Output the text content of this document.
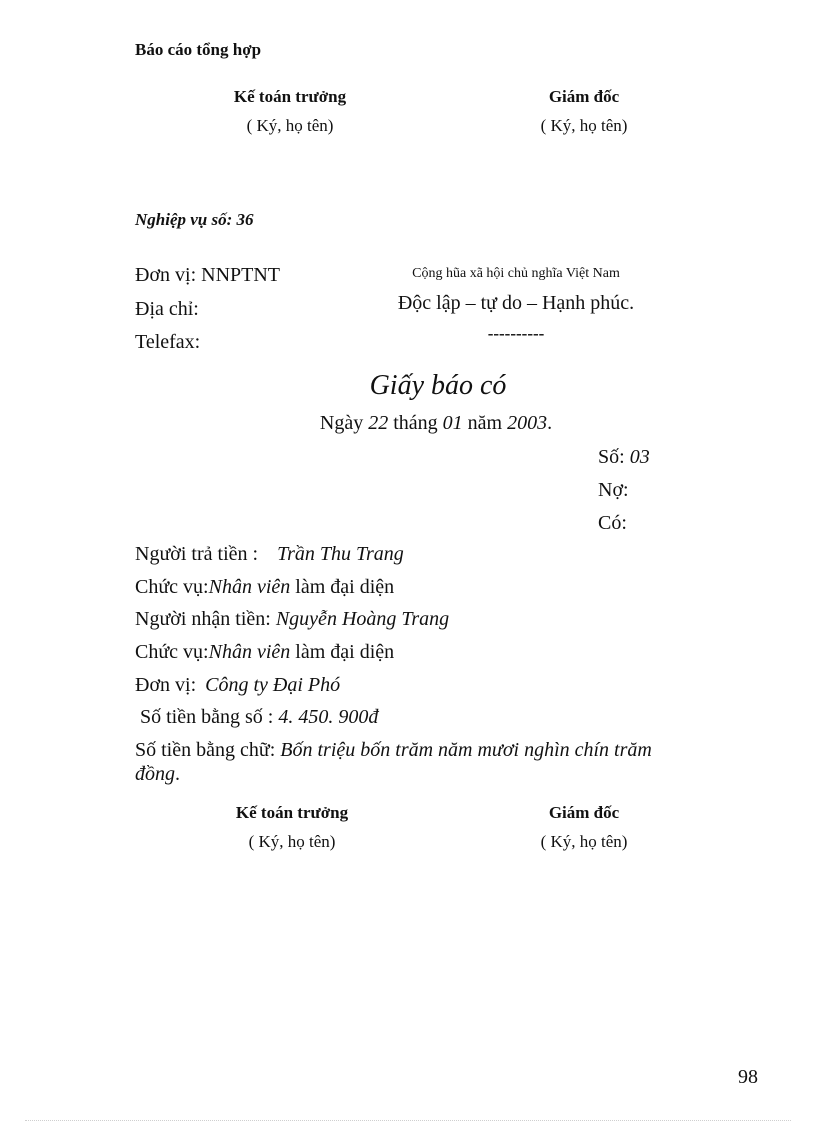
Báo cáo tổng hợp
Kế toán trưởng
( Ký, họ tên)
Giám đốc
( Ký, họ tên)
Nghiệp vụ số: 36
Đơn vị: NNPTNT
Địa chỉ:
Telefax:
Cộng hũa xã hội chủ nghĩa Việt Nam
Độc lập – tự do – Hạnh phúc.
----------
Giấy báo có
Ngày 22 tháng 01 năm 2003.
Số: 03
Nợ:
Có:
Người trả tiền : Trần Thu Trang
Chức vụ:Nhân viên làm đại diện
Người nhận tiền: Nguyễn Hoàng Trang
Chức vụ:Nhân viên làm đại diện
Đơn vị: Công ty Đại Phó
Số tiền bằng số : 4. 450. 900đ
Số tiền bằng chữ: Bốn triệu bốn trăm năm mươi nghìn chín trăm
đồng.
Kế toán trưởng
( Ký, họ tên)
Giám đốc
( Ký, họ tên)
98
